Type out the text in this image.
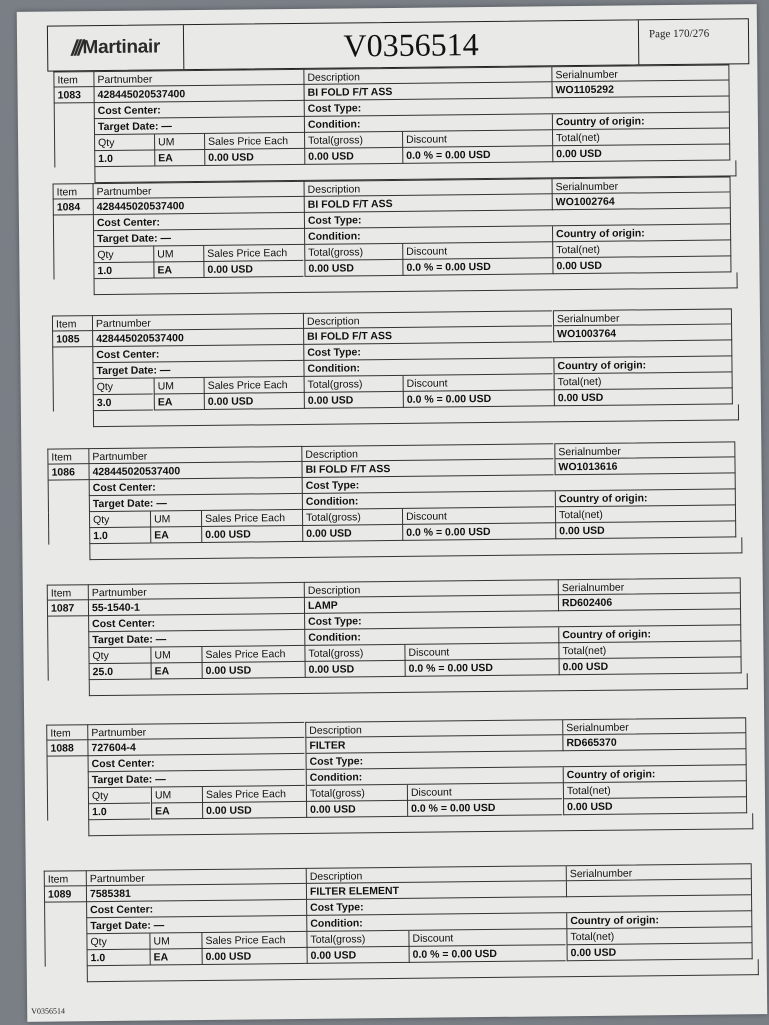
/// Martinair	V0356514	Page 170/276
Item	Partnumber	Description	Serialnumber
1083	428445020537400	BI FOLD F/T ASS	WO1105292
Cost Center:	Cost Type:
Target Date: —	Condition:	Country of origin:
Qty	UM	Sales Price Each	Total(gross)	Discount	Total(net)
1.0	EA	0.00 USD	0.00 USD	0.0 % = 0.00 USD	0.00 USD
Item	Partnumber	Description	Serialnumber
1084	428445020537400	BI FOLD F/T ASS	WO1002764
Cost Center:	Cost Type:
Target Date: —	Condition:	Country of origin:
Qty	UM	Sales Price Each	Total(gross)	Discount	Total(net)
1.0	EA	0.00 USD	0.00 USD	0.0 % = 0.00 USD	0.00 USD
Item	Partnumber	Description	Serialnumber
1085	428445020537400	BI FOLD F/T ASS	WO1003764
Cost Center:	Cost Type:
Target Date: —	Condition:	Country of origin:
Qty	UM	Sales Price Each	Total(gross)	Discount	Total(net)
3.0	EA	0.00 USD	0.00 USD	0.0 % = 0.00 USD	0.00 USD
Item	Partnumber	Description	Serialnumber
1086	428445020537400	BI FOLD F/T ASS	WO1013616
Cost Center:	Cost Type:
Target Date: —	Condition:	Country of origin:
Qty	UM	Sales Price Each	Total(gross)	Discount	Total(net)
1.0	EA	0.00 USD	0.00 USD	0.0 % = 0.00 USD	0.00 USD
Item	Partnumber	Description	Serialnumber
1087	55-1540-1	LAMP	RD602406
Cost Center:	Cost Type:
Target Date: —	Condition:	Country of origin:
Qty	UM	Sales Price Each	Total(gross)	Discount	Total(net)
25.0	EA	0.00 USD	0.00 USD	0.0 % = 0.00 USD	0.00 USD
Item	Partnumber	Description	Serialnumber
1088	727604-4	FILTER	RD665370
Cost Center:	Cost Type:
Target Date: —	Condition:	Country of origin:
Qty	UM	Sales Price Each	Total(gross)	Discount	Total(net)
1.0	EA	0.00 USD	0.00 USD	0.0 % = 0.00 USD	0.00 USD
Item	Partnumber	Description	Serialnumber
1089	7585381	FILTER ELEMENT
Cost Center:	Cost Type:
Target Date: —	Condition:	Country of origin:
Qty	UM	Sales Price Each	Total(gross)	Discount	Total(net)
1.0	EA	0.00 USD	0.00 USD	0.0 % = 0.00 USD	0.00 USD
V0356514
